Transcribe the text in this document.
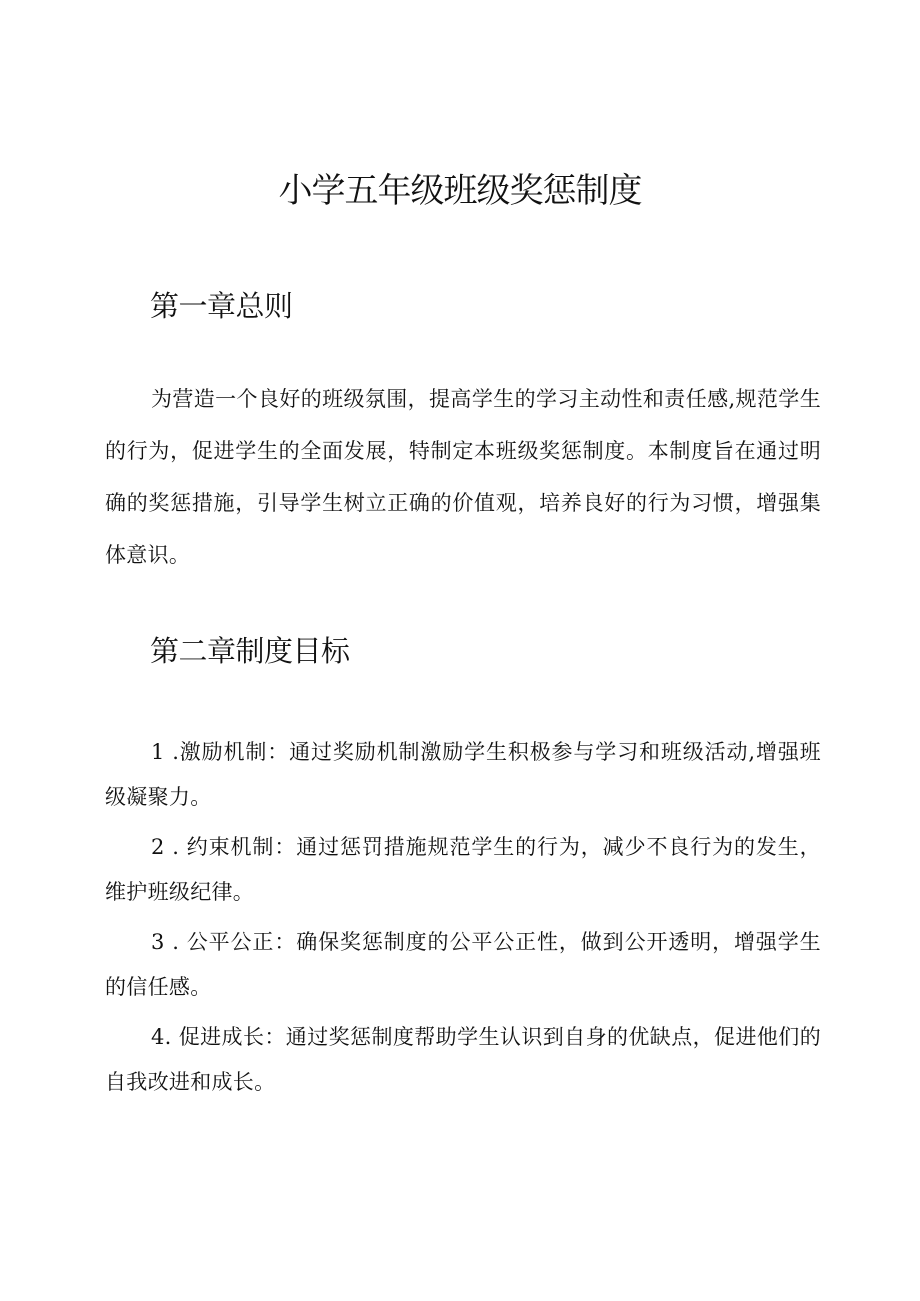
小学五年级班级奖惩制度
第一章总则

为营造一个良好的班级氛围，提高学生的学习主动性和责任感,规范学生的行为，促进学生的全面发展，特制定本班级奖惩制度。本制度旨在通过明确的奖惩措施，引导学生树立正确的价值观，培养良好的行为习惯，增强集体意识。

第二章制度目标

1 .激励机制：通过奖励机制激励学生积极参与学习和班级活动,增强班级凝聚力。

2 . 约束机制：通过惩罚措施规范学生的行为，减少不良行为的发生，维护班级纪律。

3 . 公平公正：确保奖惩制度的公平公正性，做到公开透明，增强学生的信任感。

4. 促进成长：通过奖惩制度帮助学生认识到自身的优缺点，促进他们的自我改进和成长。
